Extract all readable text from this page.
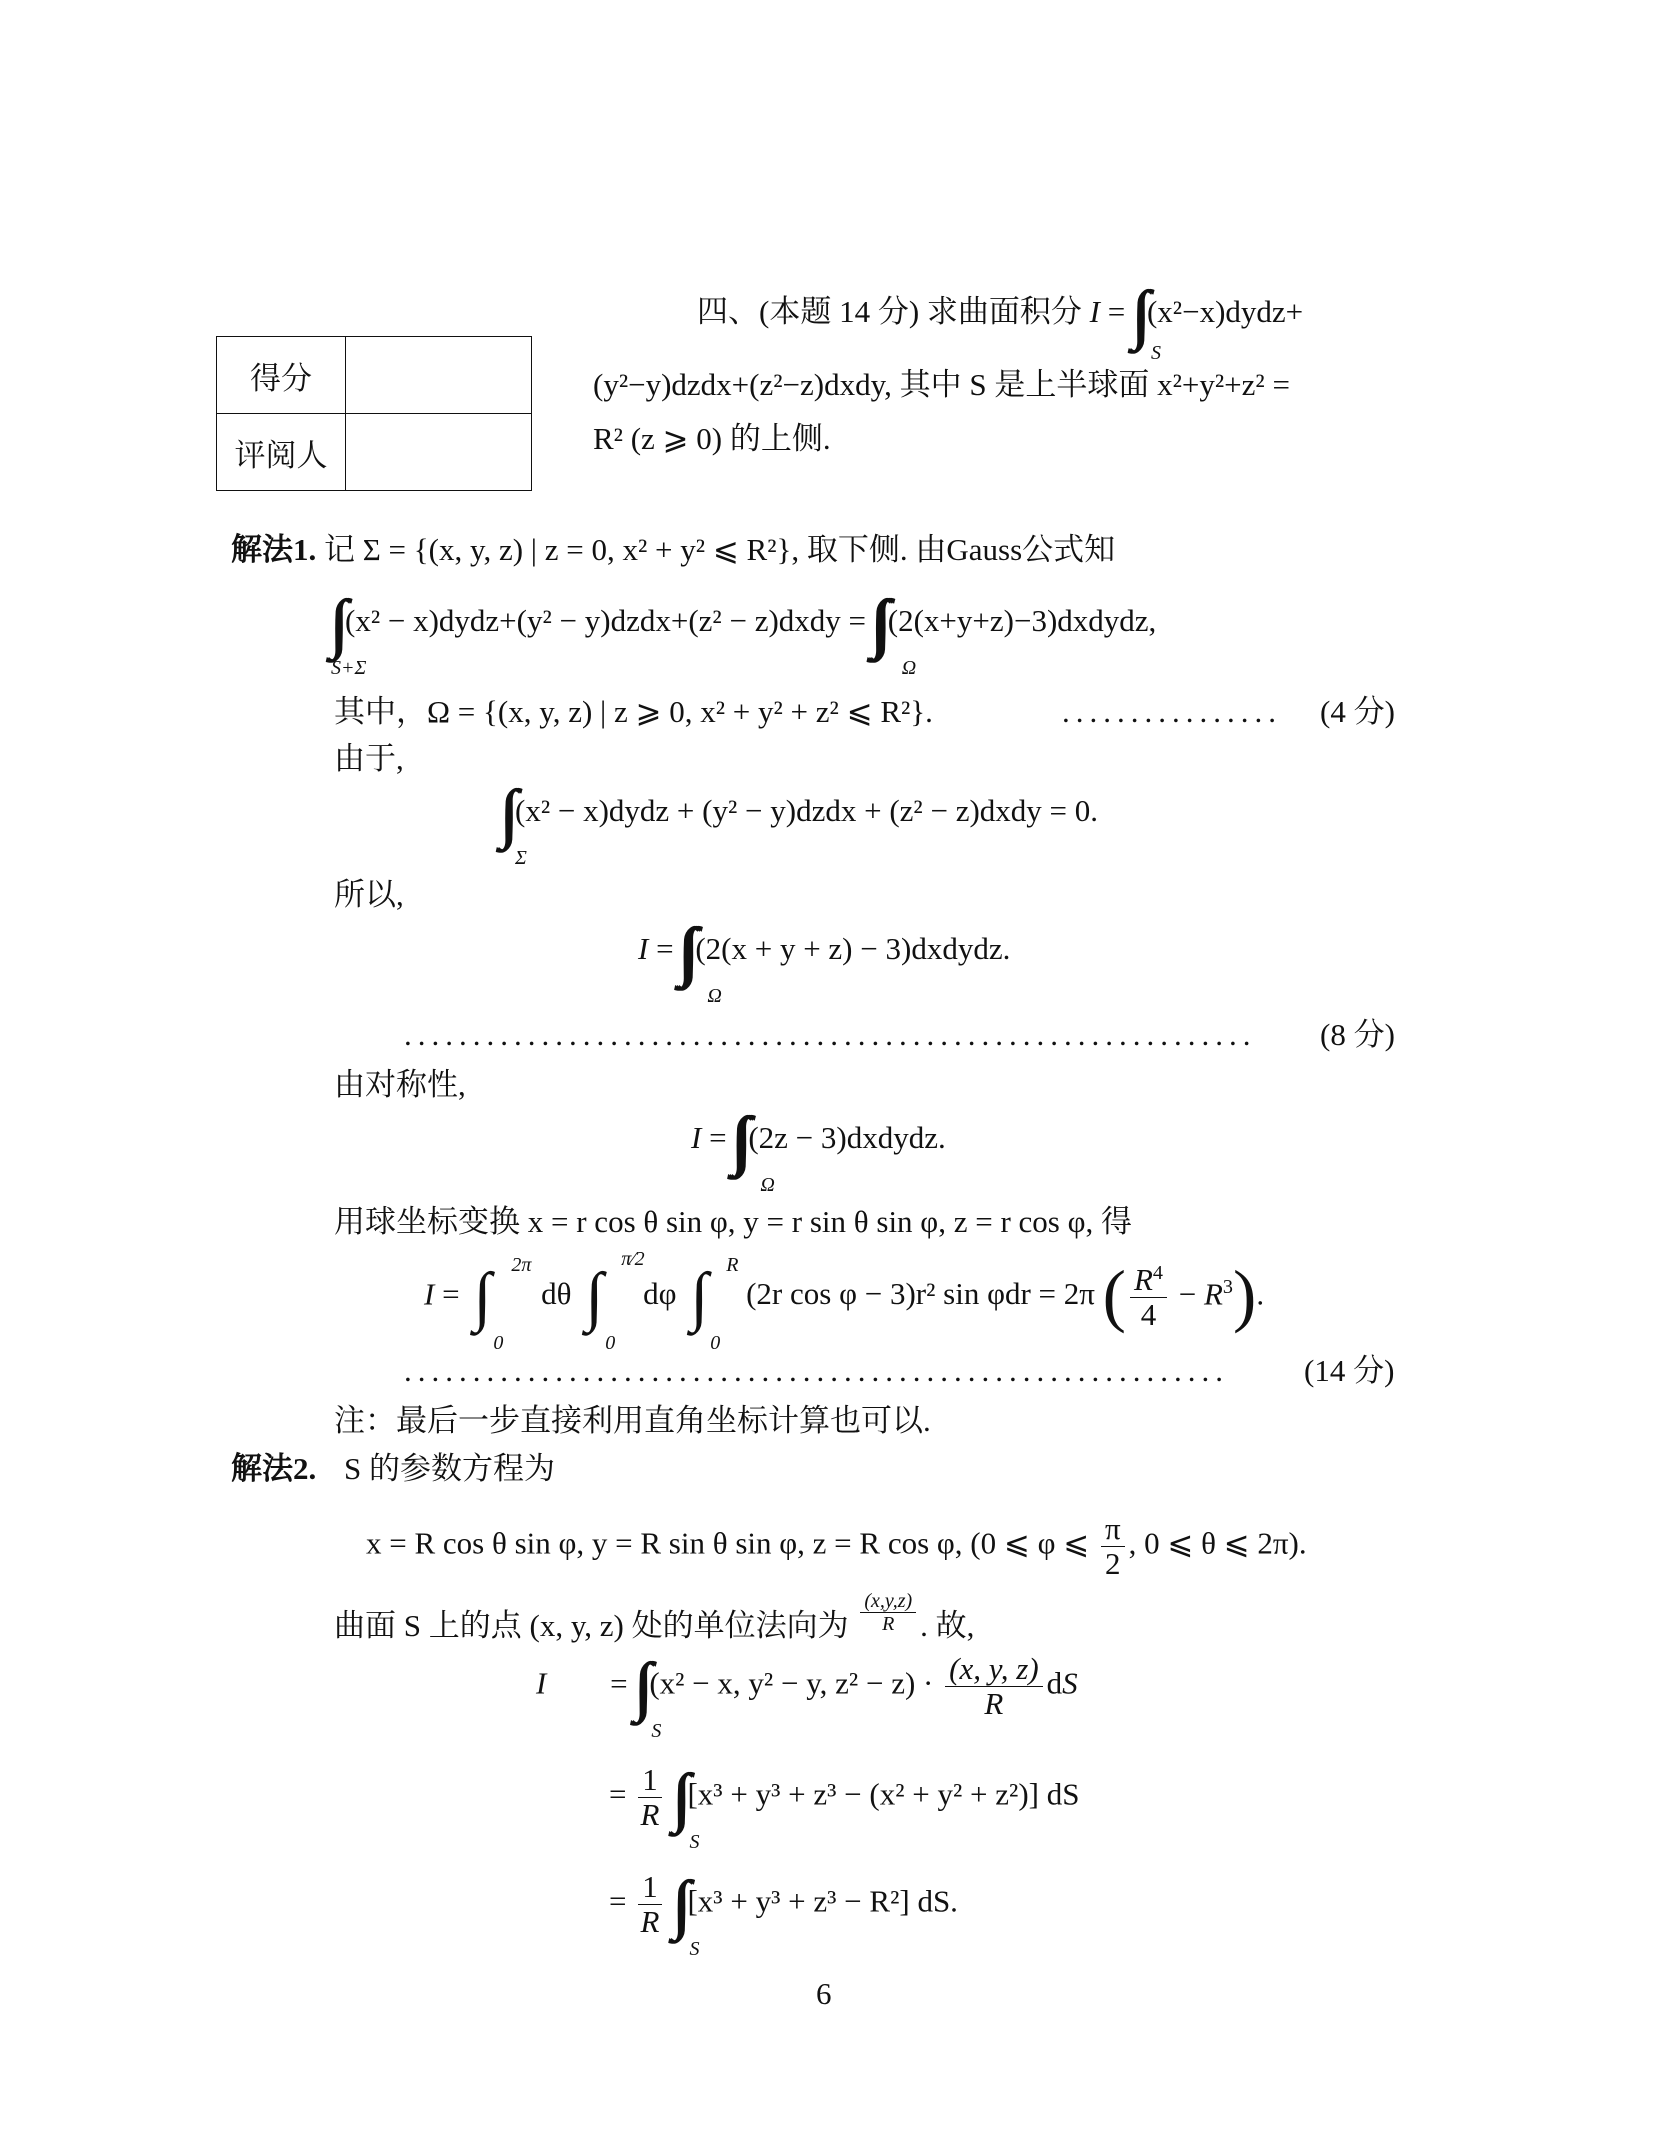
四、(本题 14 分) 求曲面积分 I =
S
(x²−x)dydz+
(y²−y)dzdx+(z²−z)dxdy, 其中 S 是上半球面 x²+y²+z² =
R² (z ⩾ 0) 的上侧.
得分	
评阅人	
解法1. 记 Σ = {(x, y, z) | z = 0, x² + y² ⩽ R²}, 取下侧. 由Gauss公式知
S+Σ
(x² − x)dydz+(y² − y)dzdx+(z² − z)dxdy =
Ω
(2(x+y+z)−3)dxdydz,
其中，Ω = {(x, y, z) | z ⩾ 0, x² + y² + z² ⩽ R²}.	................ (4 分)
由于,
Σ
(x² − x)dydz + (y² − y)dzdx + (z² − z)dxdy = 0.
所以,
I =
Ω
(2(x + y + z) − 3)dxdydz.
.............................................................. (8 分)
由对称性,
I =
Ω
(2z − 3)dxdydz.
用球坐标变换 x = r cos θ sin φ, y = r sin θ sin φ, z = r cos φ, 得
I = ∫ 2π
0
dθ ∫
π⁄2
0
dφ ∫ R
0
(2r cos φ − 3)r² sin φdr = 2π ( $\frac{R^4}{4} - R^3$).
............................................................ (14 分)
注：最后一步直接利用直角坐标计算也可以.
解法2. S 的参数方程为
x = R cos θ sin φ, y = R sin θ sin φ, z = R cos φ, (0 ⩽ φ ⩽ $\frac{\pi}{2}$ , 0 ⩽ θ ⩽ 2π).
曲面 S 上的点 (x, y, z) 处的单位法向为 $\frac{(x,y,z)}{R}$ . 故,
I =
S
(x² − x, y² − y, $z^2 - z) \cdot \frac{(x, y, z)}{R}$ dS
= $\frac{1}{R}$

S
[x³ + y³ + z³ − (x² + y² + z²)] dS
= $\frac{1}{R}$

S
[x³ + y³ + z³ − R²] dS.
6
